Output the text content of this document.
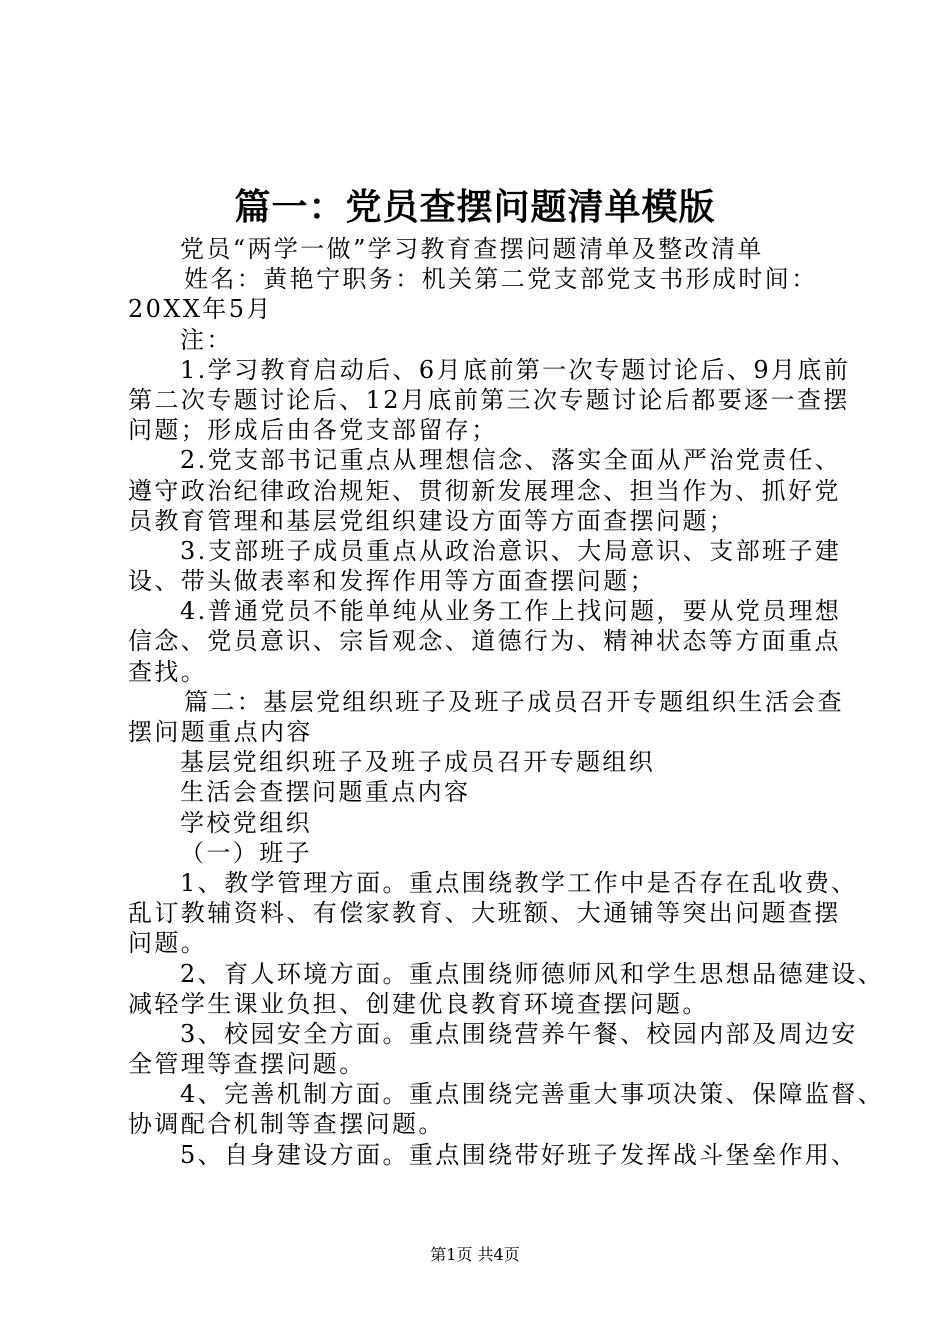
篇一：党员查摆问题清单模版
党员“两学一做”学习教育查摆问题清单及整改清单
姓名：黄艳宁职务：机关第二党支部党支书形成时间：
20XX年5月
注：
1.学习教育启动后、6月底前第一次专题讨论后、9月底前
第二次专题讨论后、12月底前第三次专题讨论后都要逐一查摆
问题；形成后由各党支部留存；
2.党支部书记重点从理想信念、落实全面从严治党责任、
遵守政治纪律政治规矩、贯彻新发展理念、担当作为、抓好党
员教育管理和基层党组织建设方面等方面查摆问题；
3.支部班子成员重点从政治意识、大局意识、支部班子建
设、带头做表率和发挥作用等方面查摆问题；
4.普通党员不能单纯从业务工作上找问题，要从党员理想
信念、党员意识、宗旨观念、道德行为、精神状态等方面重点
查找。
篇二：基层党组织班子及班子成员召开专题组织生活会查
摆问题重点内容
基层党组织班子及班子成员召开专题组织
生活会查摆问题重点内容
学校党组织
（一）班子
1、教学管理方面。重点围绕教学工作中是否存在乱收费、
乱订教辅资料、有偿家教育、大班额、大通铺等突出问题查摆
问题。
2、育人环境方面。重点围绕师德师风和学生思想品德建设、
减轻学生课业负担、创建优良教育环境查摆问题。
3、校园安全方面。重点围绕营养午餐、校园内部及周边安
全管理等查摆问题。
4、完善机制方面。重点围绕完善重大事项决策、保障监督、
协调配合机制等查摆问题。
5、自身建设方面。重点围绕带好班子发挥战斗堡垒作用、
第1页 共4页
